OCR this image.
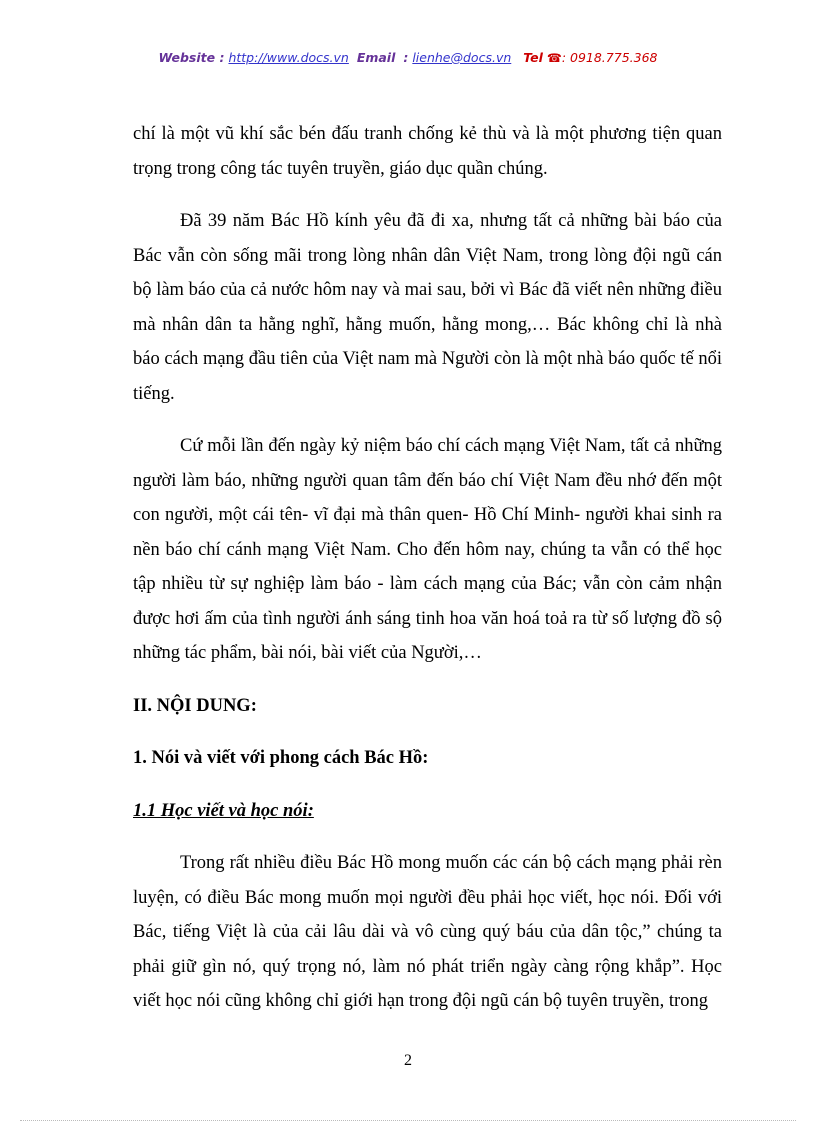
Website : http://www.docs.vn Email : lienhe@docs.vn Tel ☎: 0918.775.368

chí là một vũ khí sắc bén đấu tranh chống kẻ thù và là một phương tiện quan trọng trong công tác tuyên truyền, giáo dục quần chúng.

Đã 39 năm Bác Hồ kính yêu đã đi xa, nhưng tất cả những bài báo của Bác vẫn còn sống mãi trong lòng nhân dân Việt Nam, trong lòng đội ngũ cán bộ làm báo của cả nước hôm nay và mai sau, bởi vì Bác đã viết nên những điều mà nhân dân ta hằng nghĩ, hằng muốn, hằng mong,… Bác không chỉ là nhà báo cách mạng đầu tiên của Việt nam mà Người còn là một nhà báo quốc tế nổi tiếng.

Cứ mỗi lần đến ngày kỷ niệm báo chí cách mạng Việt Nam, tất cả những người làm báo, những người quan tâm đến báo chí Việt Nam đều nhớ đến một con người, một cái tên- vĩ đại mà thân quen- Hồ Chí Minh- người khai sinh ra nền báo chí cánh mạng Việt Nam. Cho đến hôm nay, chúng ta vẫn có thể học tập nhiều từ sự nghiệp làm báo - làm cách mạng của Bác; vẫn còn cảm nhận được hơi ấm của tình người ánh sáng tinh hoa văn hoá toả ra từ số lượng đồ sộ những tác phẩm, bài nói, bài viết của Người,…

II. NỘI DUNG:
1. Nói và viết với phong cách Bác Hồ:
1.1 Học viết và học nói:

Trong rất nhiều điều Bác Hồ mong muốn các cán bộ cách mạng phải rèn luyện, có điều Bác mong muốn mọi người đều phải học viết, học nói. Đối với Bác, tiếng Việt là của cải lâu dài và vô cùng quý báu của dân tộc,” chúng ta phải giữ gìn nó, quý trọng nó, làm nó phát triển ngày càng rộng khắp”. Học viết học nói cũng không chỉ giới hạn trong đội ngũ cán bộ tuyên truyền, trong

2
